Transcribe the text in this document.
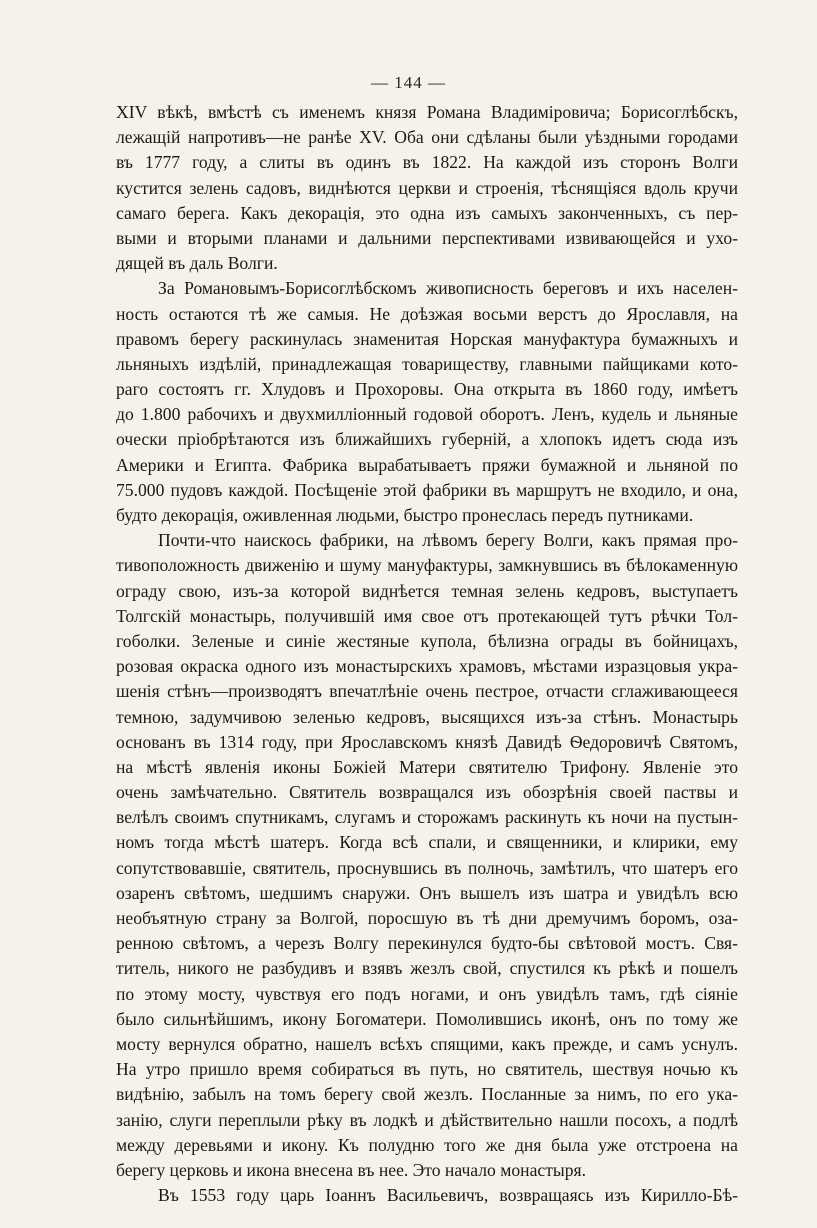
— 144 —
XIV вѣкѣ, вмѣстѣ съ именемъ князя Романа Владиміровича; Борисоглѣбскъ,
лежащій напротивъ—не ранѣе XV. Оба они сдѣланы были уѣздными городами
въ 1777 году, а слиты въ одинъ въ 1822. На каждой изъ сторонъ Волги
кустится зелень садовъ, виднѣются церкви и строенія, тѣснящіяся вдоль кручи
самаго берега. Какъ декорація, это одна изъ самыхъ законченныхъ, съ пер-
выми и вторыми планами и дальними перспективами извивающейся и ухо-
дящей въ даль Волги.
За Романовымъ-Борисоглѣбскомъ живописность береговъ и ихъ населен-
ность остаются тѣ же самыя. Не доѣзжая восьми верстъ до Ярославля, на
правомъ берегу раскинулась знаменитая Норская мануфактура бумажныхъ и
льняныхъ издѣлій, принадлежащая товариществу, главными пайщиками кото-
раго состоятъ гг. Хлудовъ и Прохоровы. Она открыта въ 1860 году, имѣетъ
до 1.800 рабочихъ и двухмилліонный годовой оборотъ. Ленъ, кудель и льняные
очески пріобрѣтаются изъ ближайшихъ губерній, а хлопокъ идетъ сюда изъ
Америки и Египта. Фабрика вырабатываетъ пряжи бумажной и льняной по
75.000 пудовъ каждой. Посѣщеніе этой фабрики въ маршрутъ не входило, и она,
будто декорація, оживленная людьми, быстро пронеслась передъ путниками.
Почти-что наискось фабрики, на лѣвомъ берегу Волги, какъ прямая про-
тивоположность движенію и шуму мануфактуры, замкнувшись въ бѣлокаменную
ограду свою, изъ-за которой виднѣется темная зелень кедровъ, выступаетъ
Толгскій монастырь, получившій имя свое отъ протекающей тутъ рѣчки Тол-
гоболки. Зеленые и синіе жестяные купола, бѣлизна ограды въ бойницахъ,
розовая окраска одного изъ монастырскихъ храмовъ, мѣстами изразцовыя укра-
шенія стѣнъ—производятъ впечатлѣніе очень пестрое, отчасти сглаживающееся
темною, задумчивою зеленью кедровъ, высящихся изъ-за стѣнъ. Монастырь
основанъ въ 1314 году, при Ярославскомъ князѣ Давидѣ Ѳедоровичѣ Святомъ,
на мѣстѣ явленія иконы Божіей Матери святителю Трифону. Явленіе это
очень замѣчательно. Святитель возвращался изъ обозрѣнія своей паствы и
велѣлъ своимъ спутникамъ, слугамъ и сторожамъ раскинуть къ ночи на пустын-
номъ тогда мѣстѣ шатеръ. Когда всѣ спали, и священники, и клирики, ему
сопутствовавшіе, святитель, проснувшись въ полночь, замѣтилъ, что шатеръ его
озаренъ свѣтомъ, шедшимъ снаружи. Онъ вышелъ изъ шатра и увидѣлъ всю
необъятную страну за Волгой, поросшую въ тѣ дни дремучимъ боромъ, оза-
ренною свѣтомъ, а черезъ Волгу перекинулся будто-бы свѣтовой мостъ. Свя-
титель, никого не разбудивъ и взявъ жезлъ свой, спустился къ рѣкѣ и пошелъ
по этому мосту, чувствуя его подъ ногами, и онъ увидѣлъ тамъ, гдѣ сіяніе
было сильнѣйшимъ, икону Богоматери. Помолившись иконѣ, онъ по тому же
мосту вернулся обратно, нашелъ всѣхъ спящими, какъ прежде, и самъ уснулъ.
На утро пришло время собираться въ путь, но святитель, шествуя ночью къ
видѣнію, забылъ на томъ берегу свой жезлъ. Посланные за нимъ, по его ука-
занію, слуги переплыли рѣку въ лодкѣ и дѣйствительно нашли посохъ, а подлѣ
между деревьями и икону. Къ полудню того же дня была уже отстроена на
берегу церковь и икона внесена въ нее. Это начало монастыря.
Въ 1553 году царь Іоаннъ Васильевичъ, возвращаясь изъ Кирилло-Бѣ-
